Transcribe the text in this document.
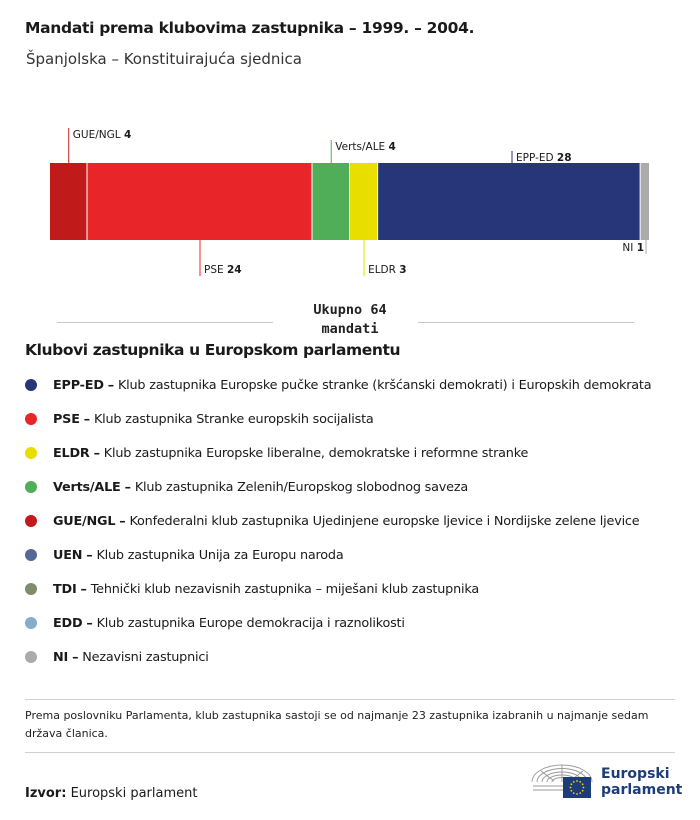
Mandati prema klubovima zastupnika – 1999. – 2004.
Španjolska – Konstituirajuća sjednica
GUE/NGL 4
PSE 24
Verts/ALE 4
ELDR 3
EPP-ED 28
NI 1
Ukupno 64
mandati
Klubovi zastupnika u Europskom parlamentu
EPP-ED – Klub zastupnika Europske pučke stranke (kršćanski demokrati) i Europskih demokrata
PSE – Klub zastupnika Stranke europskih socijalista
ELDR – Klub zastupnika Europske liberalne, demokratske i reformne stranke
Verts/ALE – Klub zastupnika Zelenih/Europskog slobodnog saveza
GUE/NGL – Konfederalni klub zastupnika Ujedinjene europske ljevice i Nordijske zelene ljevice
UEN – Klub zastupnika Unija za Europu naroda
TDI – Tehnički klub nezavisnih zastupnika – miješani klub zastupnika
EDD – Klub zastupnika Europe demokracija i raznolikosti
NI – Nezavisni zastupnici
Prema poslovniku Parlamenta, klub zastupnika sastoji se od najmanje 23 zastupnika izabranih u najmanje sedam država članica.
Izvor: Europski parlament
Europski
parlament
